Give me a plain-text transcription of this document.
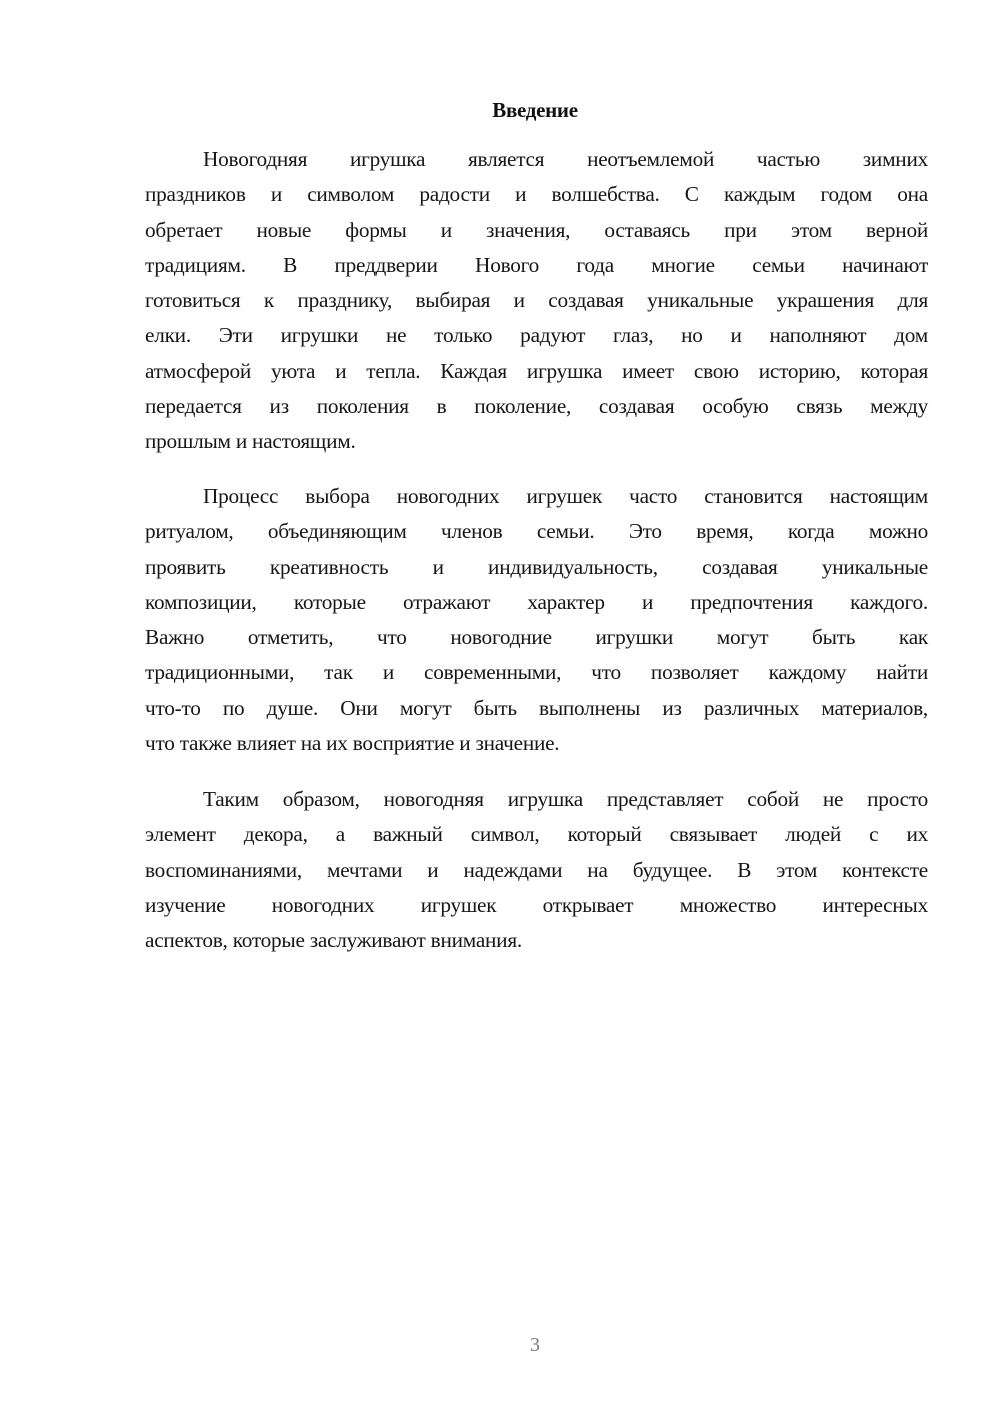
Введение
Новогодняя игрушка является неотъемлемой частью зимних
праздников и символом радости и волшебства. С каждым годом она
обретает новые формы и значения, оставаясь при этом верной
традициям. В преддверии Нового года многие семьи начинают
готовиться к празднику, выбирая и создавая уникальные украшения для
елки. Эти игрушки не только радуют глаз, но и наполняют дом
атмосферой уюта и тепла. Каждая игрушка имеет свою историю, которая
передается из поколения в поколение, создавая особую связь между
прошлым и настоящим.
Процесс выбора новогодних игрушек часто становится настоящим
ритуалом, объединяющим членов семьи. Это время, когда можно
проявить креативность и индивидуальность, создавая уникальные
композиции, которые отражают характер и предпочтения каждого.
Важно отметить, что новогодние игрушки могут быть как
традиционными, так и современными, что позволяет каждому найти
что-то по душе. Они могут быть выполнены из различных материалов,
что также влияет на их восприятие и значение.
Таким образом, новогодняя игрушка представляет собой не просто
элемент декора, а важный символ, который связывает людей с их
воспоминаниями, мечтами и надеждами на будущее. В этом контексте
изучение новогодних игрушек открывает множество интересных
аспектов, которые заслуживают внимания.
3
